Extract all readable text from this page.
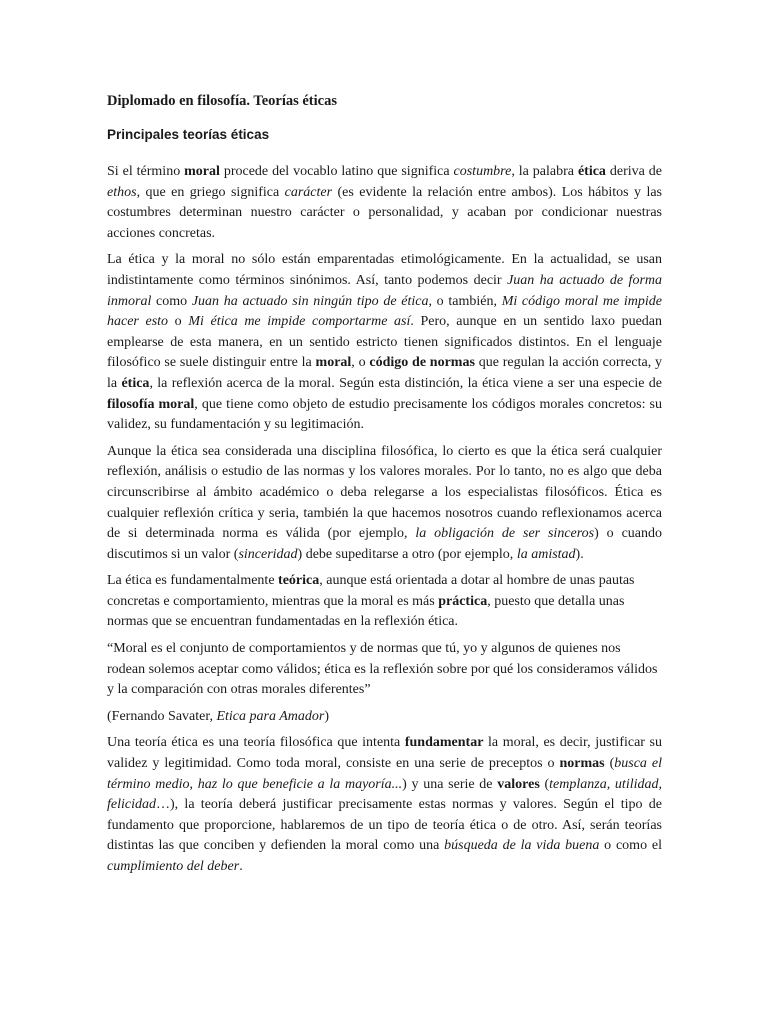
Diplomado en filosofía. Teorías éticas
Principales teorías éticas

Si el término moral procede del vocablo latino que significa costumbre, la palabra ética deriva de ethos, que en griego significa carácter (es evidente la relación entre ambos). Los hábitos y las costumbres determinan nuestro carácter o personalidad, y acaban por condicionar nuestras acciones concretas.

La ética y la moral no sólo están emparentadas etimológicamente. En la actualidad, se usan indistintamente como términos sinónimos. Así, tanto podemos decir Juan ha actuado de forma inmoral como Juan ha actuado sin ningún tipo de ética, o también, Mi código moral me impide hacer esto o Mi ética me impide comportarme así. Pero, aunque en un sentido laxo puedan emplearse de esta manera, en un sentido estricto tienen significados distintos. En el lenguaje filosófico se suele distinguir entre la moral, o código de normas que regulan la acción correcta, y la ética, la reflexión acerca de la moral. Según esta distinción, la ética viene a ser una especie de filosofía moral, que tiene como objeto de estudio precisamente los códigos morales concretos: su validez, su fundamentación y su legitimación.

Aunque la ética sea considerada una disciplina filosófica, lo cierto es que la ética será cualquier reflexión, análisis o estudio de las normas y los valores morales. Por lo tanto, no es algo que deba circunscribirse al ámbito académico o deba relegarse a los especialistas filosóficos. Ética es cualquier reflexión crítica y seria, también la que hacemos nosotros cuando reflexionamos acerca de si determinada norma es válida (por ejemplo, la obligación de ser sinceros) o cuando discutimos si un valor (sinceridad) debe supeditarse a otro (por ejemplo, la amistad).

La ética es fundamentalmente teórica, aunque está orientada a dotar al hombre de unas pautas concretas e comportamiento, mientras que la moral es más práctica, puesto que detalla unas normas que se encuentran fundamentadas en la reflexión ética.

“Moral es el conjunto de comportamientos y de normas que tú, yo y algunos de quienes nos rodean solemos aceptar como válidos; ética es la reflexión sobre por qué los consideramos válidos y la comparación con otras morales diferentes”

(Fernando Savater, Etica para Amador)

Una teoría ética es una teoría filosófica que intenta fundamentar la moral, es decir, justificar su validez y legitimidad. Como toda moral, consiste en una serie de preceptos o normas (busca el término medio, haz lo que beneficie a la mayoría...) y una serie de valores (templanza, utilidad, felicidad…), la teoría deberá justificar precisamente estas normas y valores. Según el tipo de fundamento que proporcione, hablaremos de un tipo de teoría ética o de otro. Así, serán teorías distintas las que conciben y defienden la moral como una búsqueda de la vida buena o como el cumplimiento del deber.
